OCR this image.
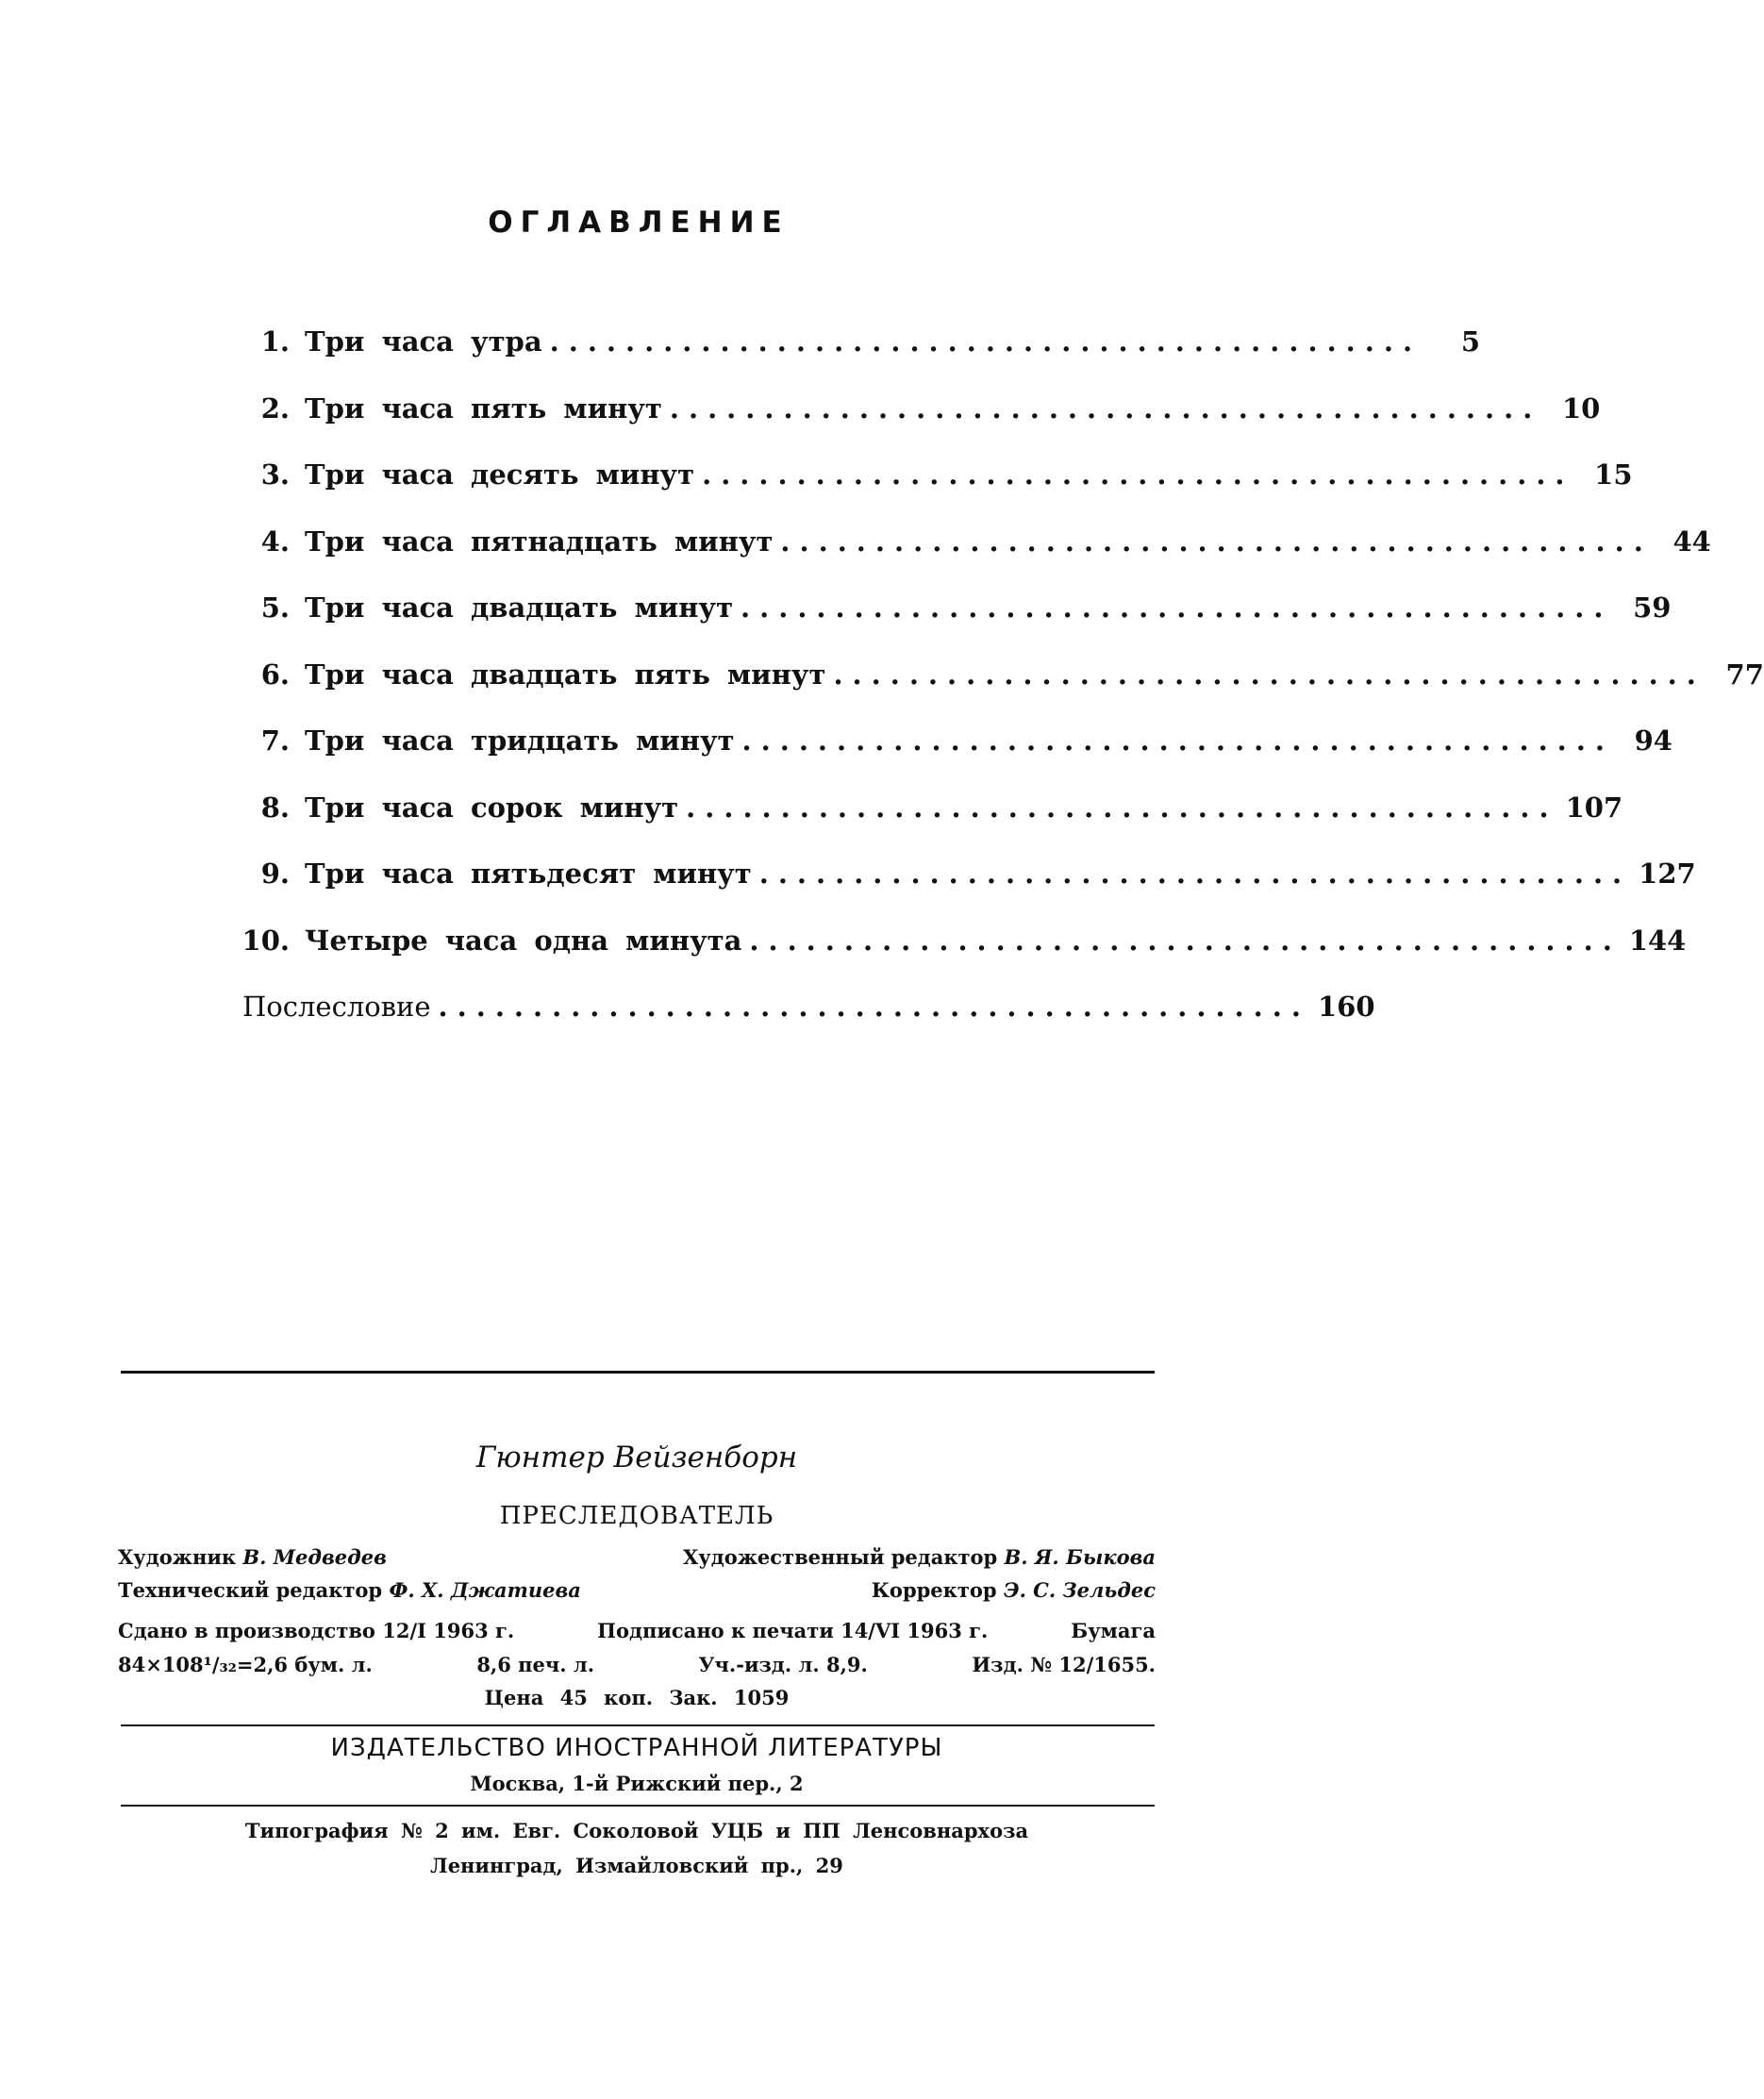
ОГЛАВЛЕНИЕ
1. Три часа утра ..............................................	5
2. Три часа пять минут .............................................. 10
3. Три часа десять минут .............................................. 15
4. Три часа пятнадцать минут .............................................. 44
5. Три часа двадцать минут .............................................. 59
6. Три часа двадцать пять минут .............................................. 77
7. Три часа тридцать минут .............................................. 94
8. Три часа сорок минут .............................................. 107
9. Три часа пятьдесят минут .............................................. 127
10. Четыре часа одна минута .............................................. 144
Послесловие .............................................. 160
Гюнтер Вейзенборн
ПРЕСЛЕДОВАТЕЛЬ
Художник В. Медведев	Художественный редактор В. Я. Быкова
Технический редактор Ф. Х. Джатиева	Корректор Э. С. Зельдес
Сдано в производство 12/I 1963 г.	Подписано к печати 14/VI 1963 г.	Бумага
84×108¹/₃₂=2,6 бум. л.	8,6 печ. л.	Уч.-изд. л. 8,9.	Изд. № 12/1655.
Цена 45 коп. Зак. 1059
ИЗДАТЕЛЬСТВО ИНОСТРАННОЙ ЛИТЕРАТУРЫ
Москва, 1-й Рижский пер., 2
Типография № 2 им. Евг. Соколовой УЦБ и ПП Ленсовнархоза
Ленинград, Измайловский пр., 29
